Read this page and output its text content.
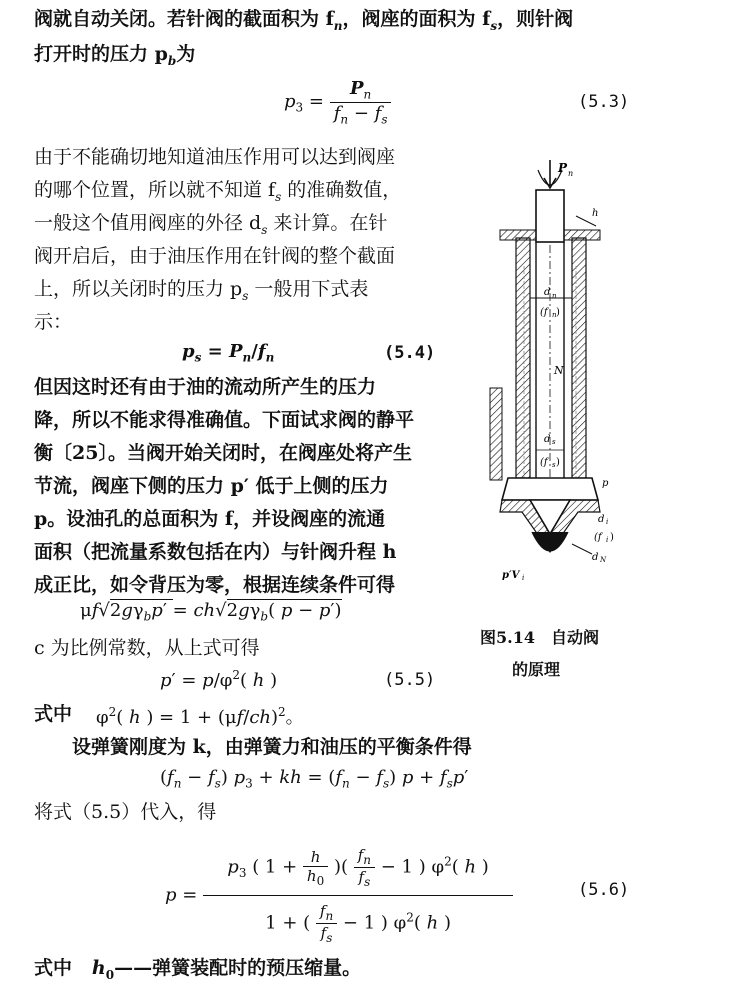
阀就自动关闭。若针阀的截面积为 $f_n$，阀座的面积为 $f_s$，则针阀
打开时的压力 $p_b$为
$p_3 = \frac{P_n}{f_n - f_s}$	(5.3)
由于不能确切地知道油压作用可以达到阀座
的哪个位置，所以就不知道 $f_s$ 的准确数值，
一般这个值用阀座的外径 $d_s$ 来计算。在针
阀开启后，由于油压作用在针阀的整个截面
上，所以关闭时的压力 $p_s$ 一般用下式表
示：
$p_s = P_n/f_n$	(5.4)
但因这时还有由于油的流动所产生的压力
降，所以不能求得准确值。下面试求阀的静平
衡〔25〕。当阀开始关闭时，在阀座处将产生
节流，阀座下侧的压力 p′ 低于上侧的压力
p。设油孔的总面积为 f，并设阀座的流通
面积（把流量系数包括在内）与针阀升程 h
成正比，如令背压为零，根据连续条件可得
$\mu f√2g\gamma_bp' = ch√2g\gamma_b$( p − p′)
c 为比例常数，从上式可得
$p' = p/\varphi^2$( h )	(5.5)
式中 $\varphi^2$( h ) = $1 + (\mu f/ch)^2$。
设弹簧刚度为 k，由弹簧力和油压的平衡条件得
$(f_n - f_s) p_3$ + kh = $(f_n - f_s) p + f_sp'$
将式（5.5）代入，得
$p = \frac{p_3 ( 1 + \frac{h}{h_0} )( \frac{f_n}{f_s} - 1 ) \varphi^2( h )}{1 + ( \frac{f_n}{f_s} - 1 ) \varphi^2( h )}$	(5.6)
式中 $h_0——$弹簧装配时的预压缩量。
P n
h
d n
(f n )
N
d s
(f s )
p
d i
(f i )
d N
p′V i
图5.14　自动阀
的原理
